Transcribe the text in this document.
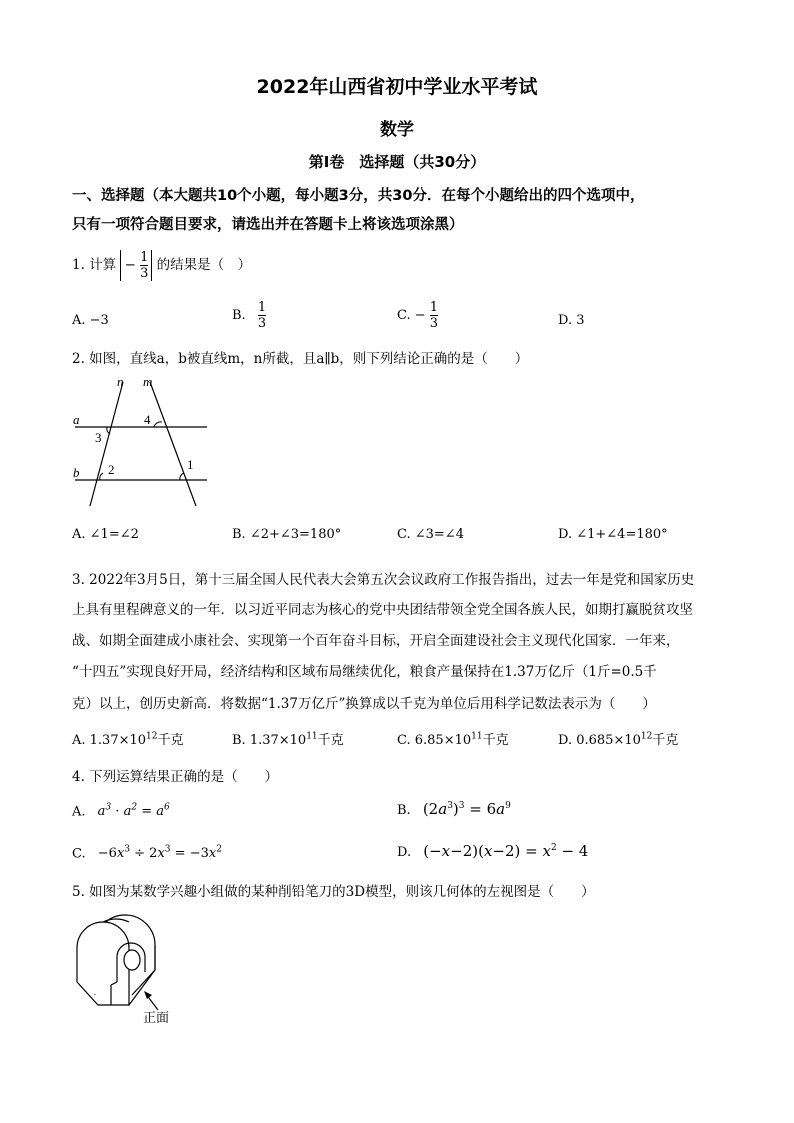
2022年山西省初中学业水平考试
数学
第Ⅰ卷　选择题（共30分）
一、选择题（本大题共10个小题，每小题3分，共30分．在每个小题给出的四个选项中，
只有一项符合题目要求，请选出并在答题卡上将该选项涂黑）
1. 计算 − $\frac{1}{3}$ 的结果是（　）
A. −3	B. $\frac{1}{3}$	C. − $\frac{1}{3}$	D. 3
2. 如图，直线a，b被直线m，n所截，且a∥b，则下列结论正确的是（　　）
n m
a
b
3
4
2	1
A. ∠1=∠2	B. ∠2+∠3=180°	C. ∠3=∠4	D. ∠1+∠4=180°
3. 2022年3月5日，第十三届全国人民代表大会第五次会议政府工作报告指出，过去一年是党和国家历史
上具有里程碑意义的一年．以习近平同志为核心的党中央团结带领全党全国各族人民，如期打赢脱贫攻坚
战、如期全面建成小康社会、实现第一个百年奋斗目标，开启全面建设社会主义现代化国家．一年来，
“十四五”实现良好开局，经济结构和区域布局继续优化，粮食产量保持在1.37万亿斤（1斤=0.5千
克）以上，创历史新高．将数据“1.37万亿斤”换算成以千克为单位后用科学记数法表示为（　　）
A. $1.37\times 10^{12}$千克	B. $1.37\times 10^{11}$千克	C. $6.85\times 10^{11}$千克	D. $0.685\times 10^{12}$千克
4. 下列运算结果正确的是（　　）
A. $a^3 \cdot a^2 = a^6$	B. $(2a^3)^3 = 6a^9$
C. $-6x^3 \div 2x^3 = -3x^2$	D. $(-x-2)(x-2) = x^2 - 4$
5. 如图为某数学兴趣小组做的某种削铅笔刀的3D模型，则该几何体的左视图是（　　）
正面
